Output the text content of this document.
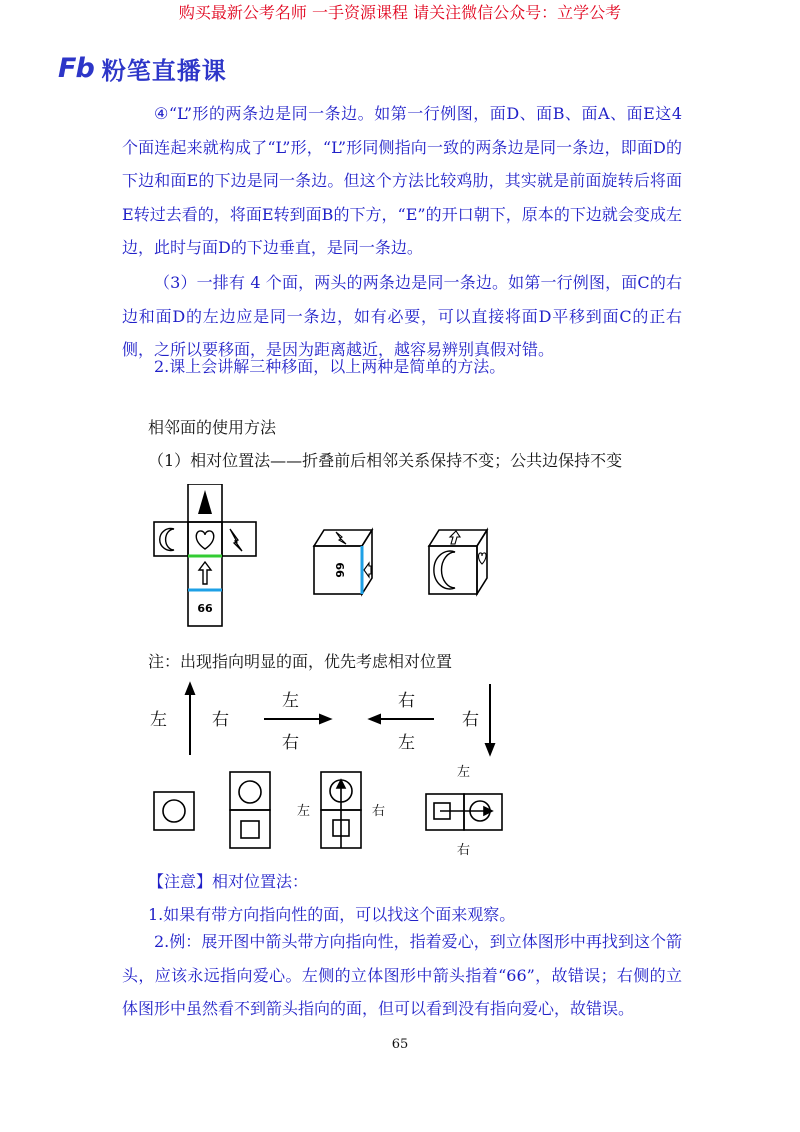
购买最新公考名师 一手资源课程 请关注微信公众号：立学公考
Fb 粉笔直播课
④“L”形的两条边是同一条边。如第一行例图，面D、面B、面A、面E这4 个面连起来就构成了“L”形，“L”形同侧指向一致的两条边是同一条边，即面D的下边和面E的下边是同一条边。但这个方法比较鸡肋，其实就是前面旋转后将面E转过去看的，将面E转到面B的下方，“E”的开口朝下，原本的下边就会变成左边，此时与面D的下边垂直，是同一条边。
（3）一排有 4 个面，两头的两条边是同一条边。如第一行例图，面C的右边和面D的左边应是同一条边，如有必要，可以直接将面D平移到面C的正右侧，之所以要移面，是因为距离越近，越容易辨别真假对错。
2.课上会讲解三种移面，以上两种是简单的方法。
相邻面的使用方法
（1）相对位置法——折叠前后相邻关系保持不变；公共边保持不变
66
66
注：出现指向明显的面，优先考虑相对位置
左	右
左
右
右
左
右
左	右
左
右
【注意】相对位置法：
1.如果有带方向指向性的面，可以找这个面来观察。
2.例：展开图中箭头带方向指向性，指着爱心，到立体图形中再找到这个箭头，应该永远指向爱心。左侧的立体图形中箭头指着“66”，故错误；右侧的立体图形中虽然看不到箭头指向的面，但可以看到没有指向爱心，故错误。
65
